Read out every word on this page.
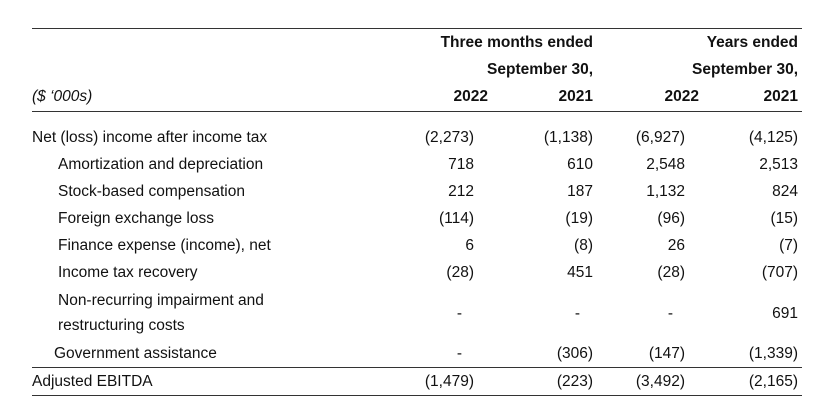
	Three months ended		Years ended	
	September 30,		September 30,	
($ ‘000s)	2022	2021	2022	2021

Net (loss) income after income tax	(2,273)	(1,138)	(6,927)	(4,125)
Amortization and depreciation	718	610	2,548	2,513
Stock-based compensation	212	187	1,132	824
Foreign exchange loss	(114)	(19)	(96)	(15)
Finance expense (income), net	6	(8)	26	(7)
Income tax recovery	(28)	451	(28)	(707)
Non-recurring impairment and
restructuring costs	-	-	-	691
Government assistance	-	(306)	(147)	(1,339)
Adjusted EBITDA	(1,479)	(223)	(3,492)	(2,165)
